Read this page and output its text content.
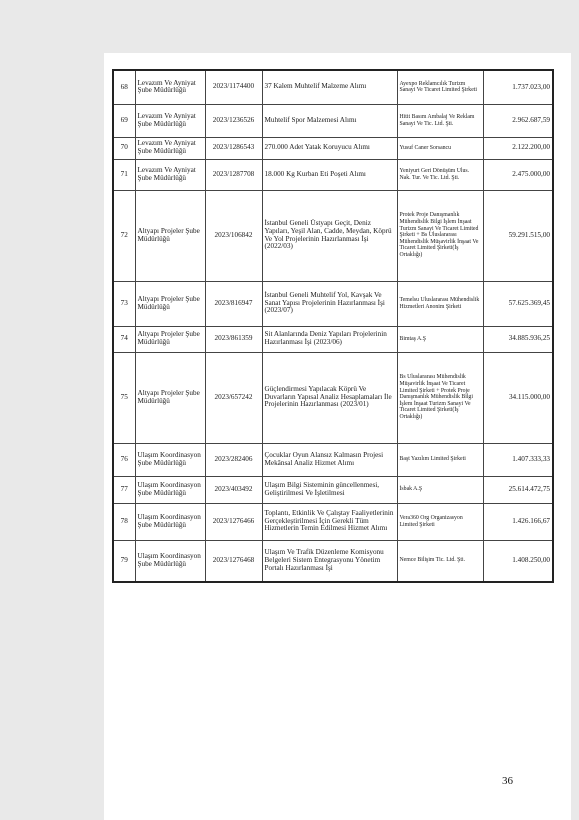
68	Levazım Ve Ayniyat Şube Müdürlüğü	2023/1174400	37 Kalem Muhtelif Malzeme Alımı	Ayexpo Reklamcılık Turizm Sanayi Ve Ticaret Limited Şirketi	1.737.023,00
69	Levazım Ve Ayniyat Şube Müdürlüğü	2023/1236526	Muhtelif Spor Malzemesi Alımı	Hitit Basım Ambalaj Ve Reklam Sanayi Ve Tic. Ltd. Şti.	2.962.687,59
70	Levazım Ve Ayniyat Şube Müdürlüğü	2023/1286543	270.000 Adet Yatak Koruyucu Alımı	Yusuf Caner Sorsancu	2.122.200,00
71	Levazım Ve Ayniyat Şube Müdürlüğü	2023/1287708	18.000 Kg Kurban Eti Poşeti Alımı	Yeniyurt Geri Dönüşüm Ulus. Nak. Tur. Ve Tic. Ltd. Şti.	2.475.000,00
72	Altyapı Projeler Şube Müdürlüğü	2023/106842	İstanbul Geneli Üstyapı Geçit, Deniz Yapıları, Yeşil Alan, Cadde, Meydan, Köprü Ve Yol Projelerinin Hazırlanması İşi (2022/03)	Protek Proje Danışmanlık Mühendislik Bilgi İşlem İnşaat Turizm Sanayi Ve Ticaret Limited Şirketi + Bs Uluslararası Mühendislik Müşavirlik İnşaat Ve Ticaret Limited Şirketi(İş Ortaklığı)	59.291.515,00
73	Altyapı Projeler Şube Müdürlüğü	2023/816947	İstanbul Geneli Muhtelif Yol, Kavşak Ve Sanat Yapısı Projelerinin Hazırlanması İşi (2023/07)	Temelsu Uluslararası Mühendislik Hizmetleri Anonim Şirketi	57.625.369,45
74	Altyapı Projeler Şube Müdürlüğü	2023/861359	Sit Alanlarında Deniz Yapıları Projelerinin Hazırlanması İşi (2023/06)	Bimtaş A.Ş	34.885.936,25
75	Altyapı Projeler Şube Müdürlüğü	2023/657242	Güçlendirmesi Yapılacak Köprü Ve Duvarların Yapısal Analiz Hesaplamaları İle Projelerinin Hazırlanması (2023/01)	Bs Uluslararası Mühendislik Müşavirlik İnşaat Ve Ticaret Limited Şirketi + Protek Proje Danışmanlık Mühendislik Bilgi İşlem İnşaat Turizm Sanayi Ve Ticaret Limited Şirketi(İş Ortaklığı)	34.115.000,00
76	Ulaşım Koordinasyon Şube Müdürlüğü	2023/282406	Çocuklar Oyun Alansız Kalmasın Projesi Mekânsal Analiz Hizmet Alımı	Başt Yazılım Limited Şirketi	1.407.333,33
77	Ulaşım Koordinasyon Şube Müdürlüğü	2023/403492	Ulaşım Bilgi Sisteminin güncellenmesi, Geliştirilmesi Ve İşletilmesi	İsbak A.Ş	25.614.472,75
78	Ulaşım Koordinasyon Şube Müdürlüğü	2023/1276466	Toplantı, Etkinlik Ve Çalıştay Faaliyetlerinin Gerçekleştirilmesi İçin Gerekli Tüm Hizmetlerin Temin Edilmesi Hizmet Alımı	Vera360 Org Organizasyon Limited Şirketi	1.426.166,67
79	Ulaşım Koordinasyon Şube Müdürlüğü	2023/1276468	Ulaşım Ve Trafik Düzenleme Komisyonu Belgeleri Sistem Entegrasyonu Yönetim Portalı Hazırlanması İşi	Nemce Bilişim Tic. Ltd. Şti.	1.408.250,00
36
